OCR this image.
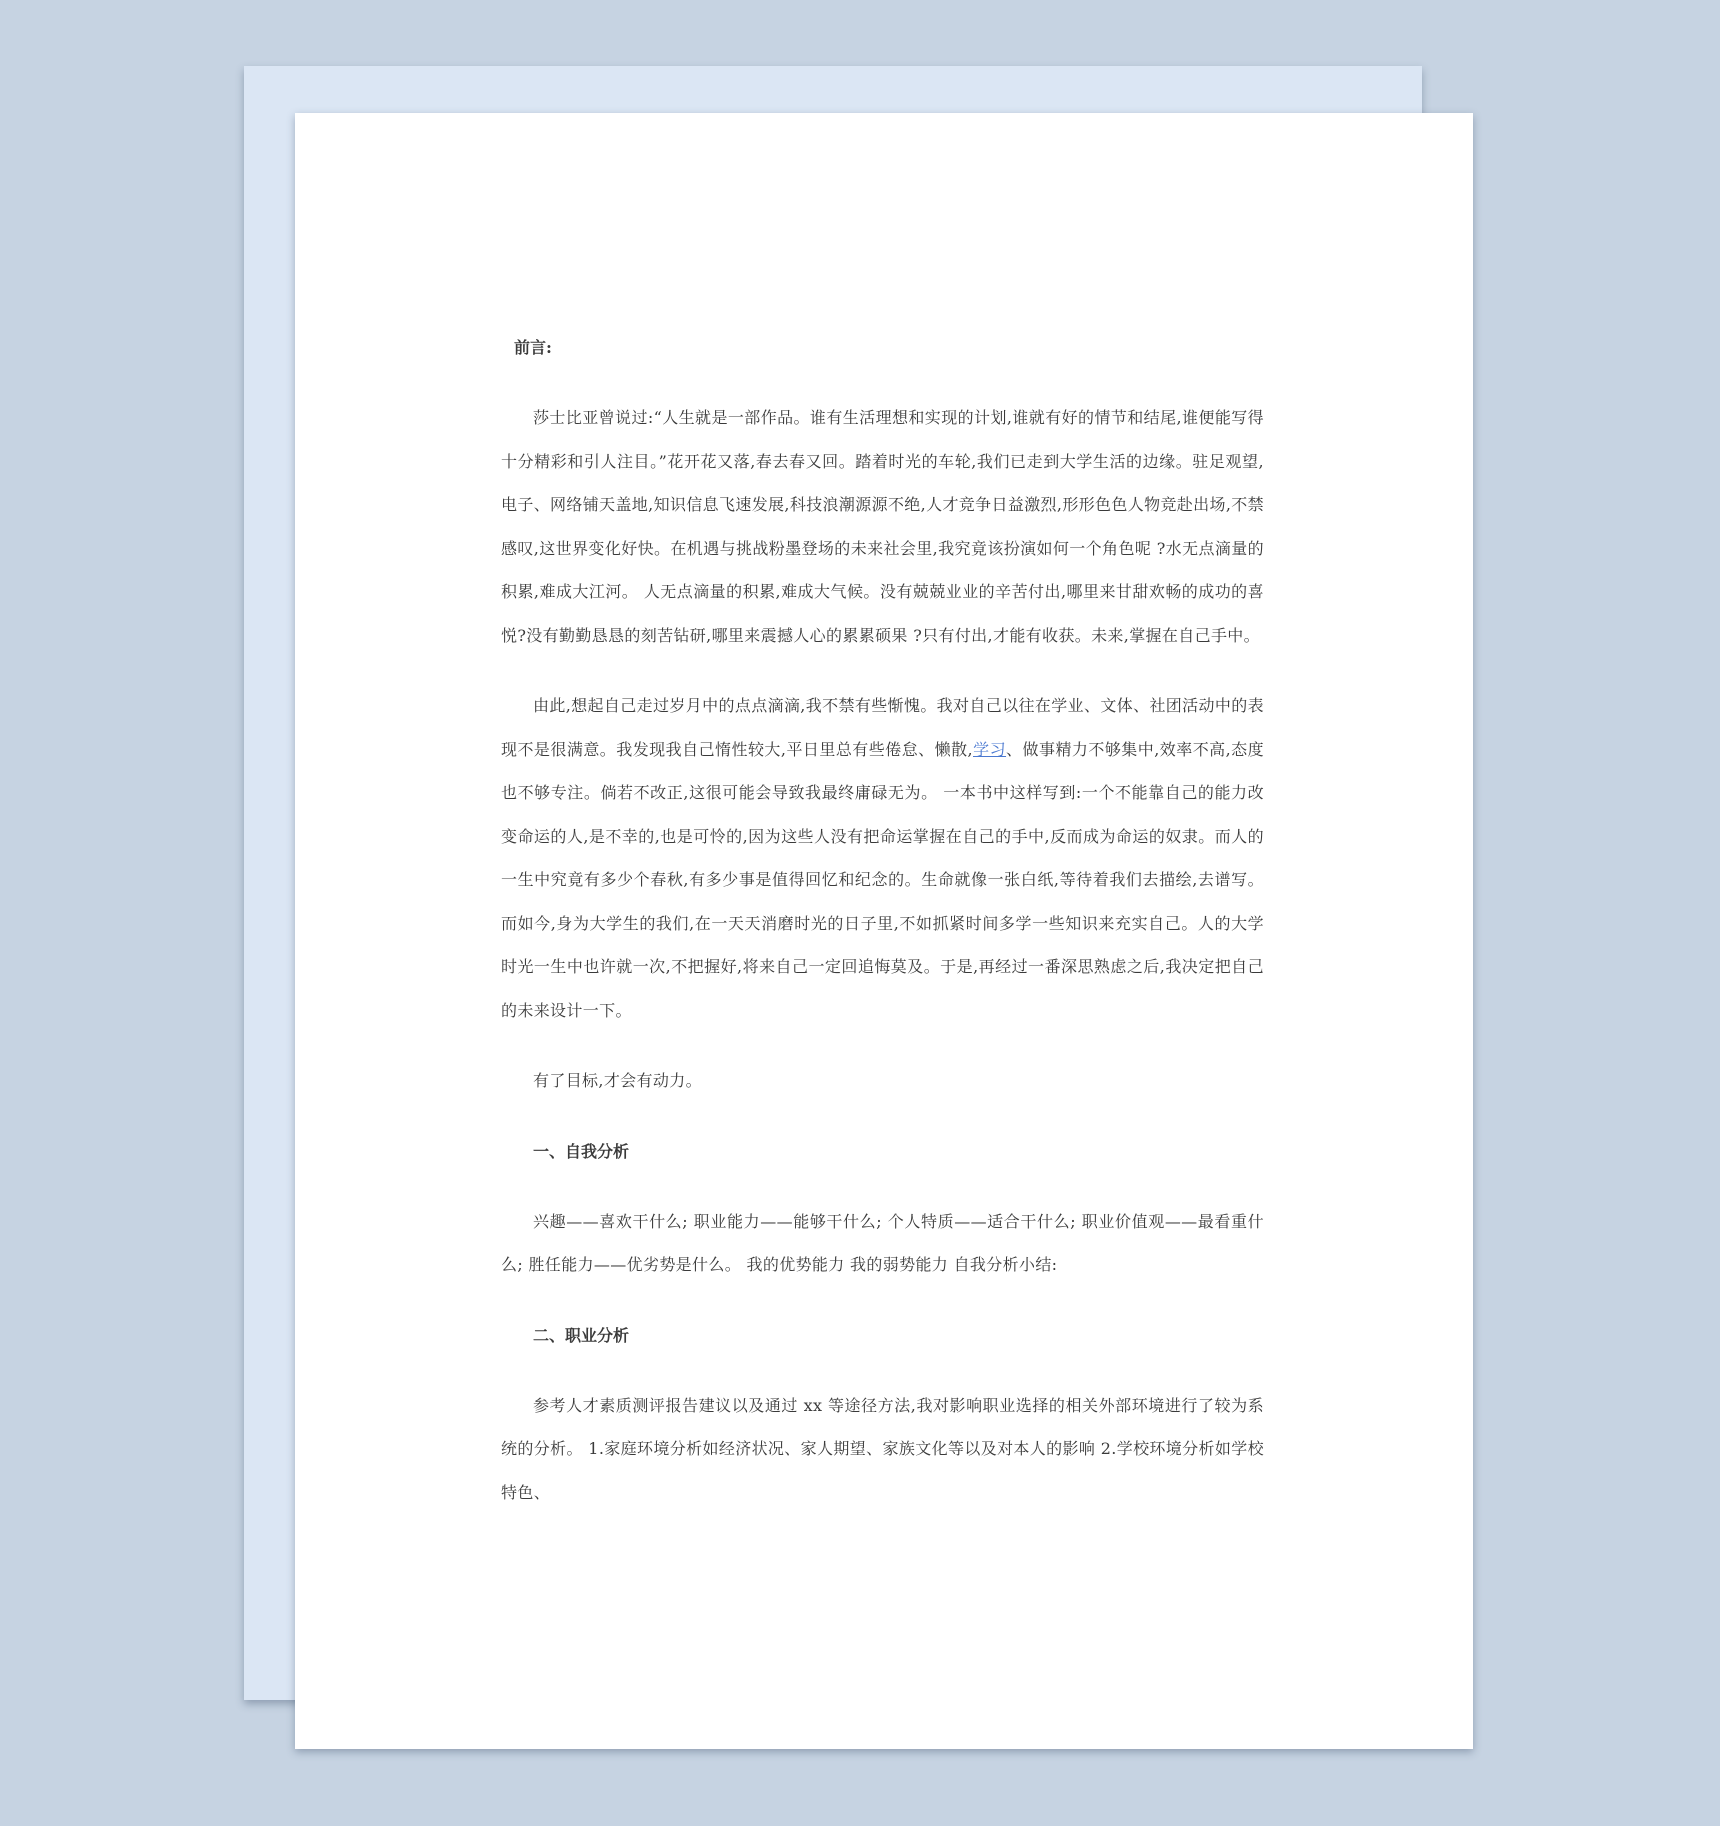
前言:

莎士比亚曾说过:“人生就是一部作品。谁有生活理想和实现的计划,谁就有好的情节和结尾,谁便能写得十分精彩和引人注目。”花开花又落,春去春又回。踏着时光的车轮,我们已走到大学生活的边缘。驻足观望,电子、网络铺天盖地,知识信息飞速发展,科技浪潮源源不绝,人才竞争日益激烈,形形色色人物竞赴出场,不禁感叹,这世界变化好快。在机遇与挑战粉墨登场的未来社会里,我究竟该扮演如何一个角色呢 ?水无点滴量的积累,难成大江河。 人无点滴量的积累,难成大气候。没有兢兢业业的辛苦付出,哪里来甘甜欢畅的成功的喜悦?没有勤勤恳恳的刻苦钻研,哪里来震撼人心的累累硕果 ?只有付出,才能有收获。未来,掌握在自己手中。

由此,想起自己走过岁月中的点点滴滴,我不禁有些惭愧。我对自己以往在学业、文体、社团活动中的表现不是很满意。我发现我自己惰性较大,平日里总有些倦怠、懒散,学习、做事精力不够集中,效率不高,态度也不够专注。倘若不改正,这很可能会导致我最终庸碌无为。 一本书中这样写到:一个不能靠自己的能力改变命运的人,是不幸的,也是可怜的,因为这些人没有把命运掌握在自己的手中,反而成为命运的奴隶。而人的一生中究竟有多少个春秋,有多少事是值得回忆和纪念的。生命就像一张白纸,等待着我们去描绘,去谱写。 而如今,身为大学生的我们,在一天天消磨时光的日子里,不如抓紧时间多学一些知识来充实自己。人的大学时光一生中也许就一次,不把握好,将来自己一定回追悔莫及。于是,再经过一番深思熟虑之后,我决定把自己的未来设计一下。

有了目标,才会有动力。

一、自我分析

兴趣——喜欢干什么; 职业能力——能够干什么; 个人特质——适合干什么; 职业价值观——最看重什么; 胜任能力——优劣势是什么。 我的优势能力 我的弱势能力 自我分析小结:

二、职业分析

参考人才素质测评报告建议以及通过 xx 等途径方法,我对影响职业选择的相关外部环境进行了较为系统的分析。 1.家庭环境分析如经济状况、家人期望、家族文化等以及对本人的影响 2.学校环境分析如学校特色、
